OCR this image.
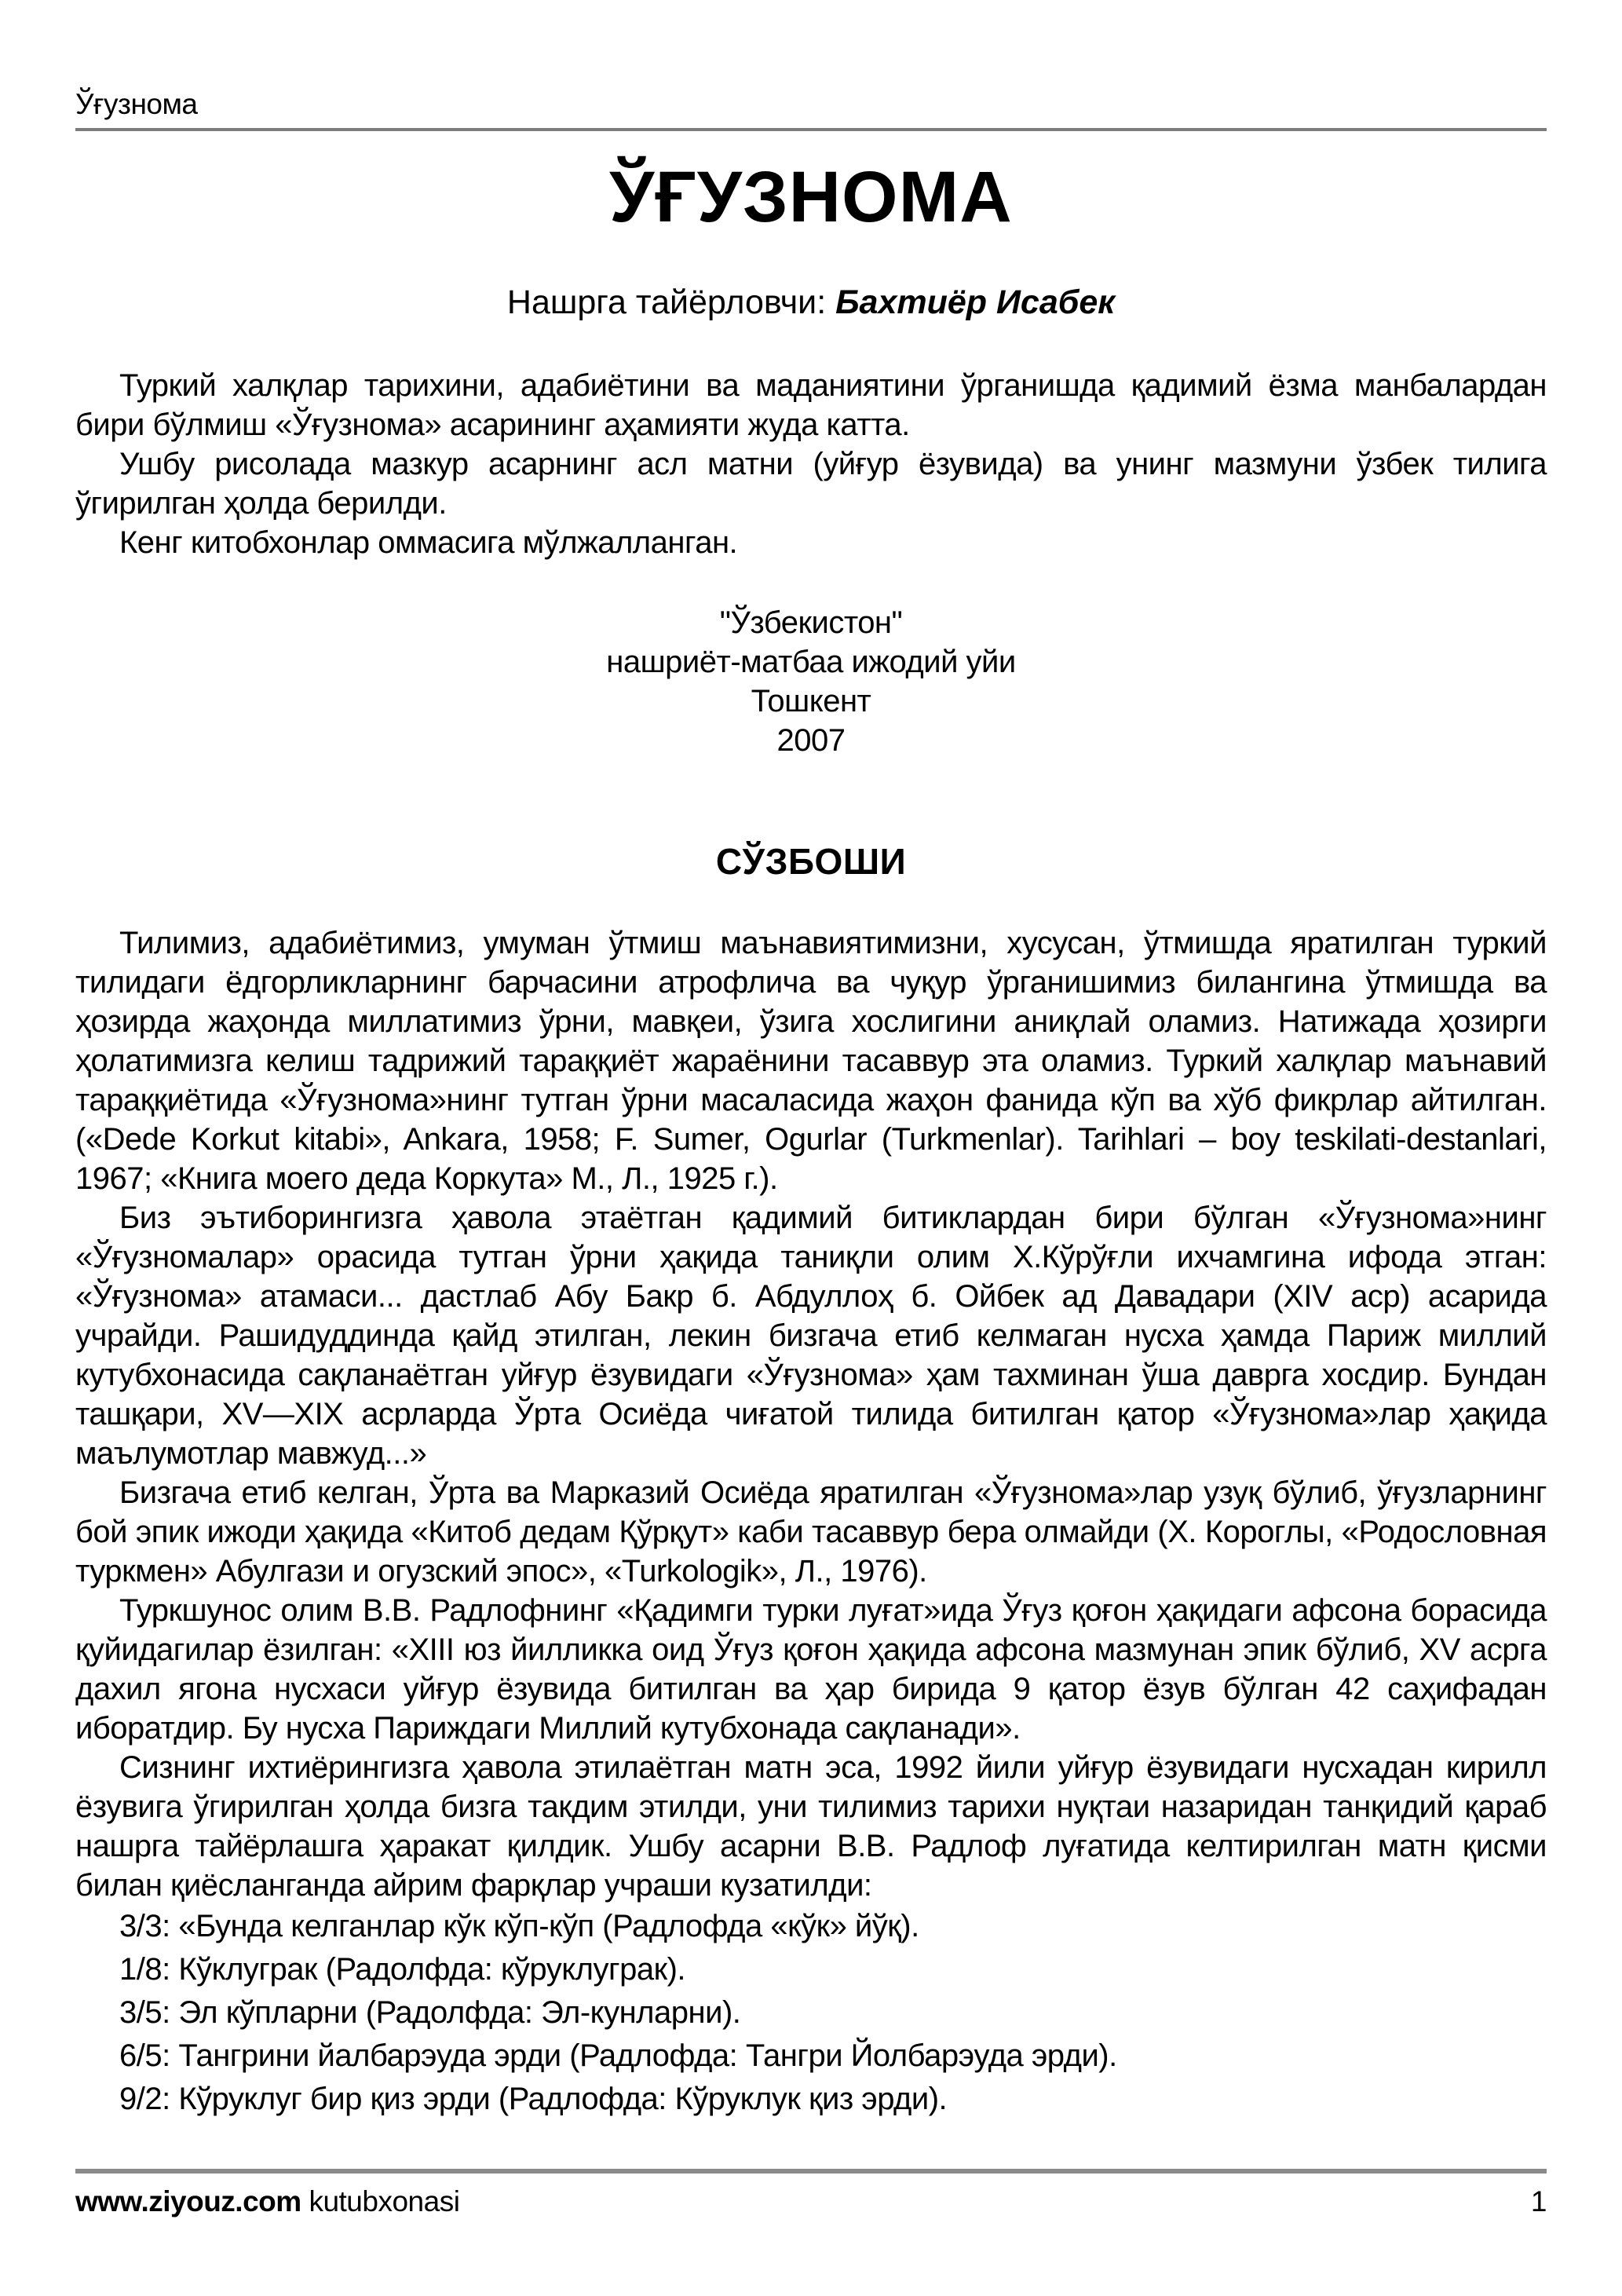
Ўғузнома
ЎҒУЗНОМА

Нашрга тайёрловчи: Бахтиёр Исабек

Туркий халқлар тарихини, адабиётини ва маданиятини ўрганишда қадимий ёзма манбалардан бири бўлмиш «Ўғузнома» асарининг аҳамияти жуда катта.

Ушбу рисолада мазкур асарнинг асл матни (уйғур ёзувида) ва унинг мазмуни ўзбек тилига ўгирилган ҳолда берилди.

Кенг китобхонлар оммасига мўлжалланган.

"Ўзбекистон"
нашриёт-матбаа ижодий уйи
Тошкент
2007
СЎЗБОШИ

Тилимиз, адабиётимиз, умуман ўтмиш маънавиятимизни, хусусан, ўтмишда яратилган туркий тилидаги ёдгорликларнинг барчасини атрофлича ва чуқур ўрганишимиз билангина ўтмишда ва ҳозирда жаҳонда миллатимиз ўрни, мавқеи, ўзига хослигини аниқлай оламиз. Натижада ҳозирги ҳолатимизга келиш тадрижий тараққиёт жараёнини тасаввур эта оламиз. Туркий халқлар маънавий тараққиётида «Ўғузнома»нинг тутган ўрни масаласида жаҳон фанида кўп ва хўб фикрлар айтилган. («Dede Korkut kitabi», Ankara, 1958; F. Sumer, Ogurlar (Turkmenlar). Tarihlari – boy teskilati-destanlari, 1967; «Книга моего деда Коркута» М., Л., 1925 г.).

Биз эътиборингизга ҳавола этаётган қадимий битиклардан бири бўлган «Ўғузнома»нинг «Ўғузномалар» орасида тутган ўрни ҳақида таниқли олим Х.Кўрўғли ихчамгина ифода этган: «Ўғузнома» атамаси... дастлаб Абу Бакр б. Абдуллоҳ б. Ойбек ад Давадари (XIV аср) асарида учрайди. Рашидуддинда қайд этилган, лекин бизгача етиб келмаган нусха ҳамда Париж миллий кутубхонасида сақланаётган уйғур ёзувидаги «Ўғузнома» ҳам тахминан ўша даврга хосдир. Бундан ташқари, XV—XIX асрларда Ўрта Осиёда чиғатой тилида битилган қатор «Ўғузнома»лар ҳақида маълумотлар мавжуд...»

Бизгача етиб келган, Ўрта ва Марказий Осиёда яратилган «Ўғузнома»лар узуқ бўлиб, ўғузларнинг бой эпик ижоди ҳақида «Китоб дедам Қўрқут» каби тасаввур бера олмайди (Х. Короглы, «Родословная туркмен» Абулгази и огузский эпос», «Turkologik», Л., 1976).

Туркшунос олим В.В. Радлофнинг «Қадимги турки луғат»ида Ўғуз қоғон ҳақидаги афсона борасида қуйидагилар ёзилган: «XIII юз йилликка оид Ўғуз қоғон ҳақида афсона мазмунан эпик бўлиб, XV асрга дахил ягона нусхаси уйғур ёзувида битилган ва ҳар бирида 9 қатор ёзув бўлган 42 саҳифадан иборатдир. Бу нусха Париждаги Миллий кутубхонада сақланади».

Сизнинг ихтиёрингизга ҳавола этилаётган матн эса, 1992 йили уйғур ёзувидаги нусхадан кирилл ёзувига ўгирилган ҳолда бизга такдим этилди, уни тилимиз тарихи нуқтаи назаридан танқидий қараб нашрга тайёрлашга ҳаракат қилдик. Ушбу асарни В.В. Радлоф луғатида келтирилган матн қисми билан қиёсланганда айрим фарқлар учраши кузатилди:

3/3: «Бунда келганлар кўк кўп-кўп (Радлофда «кўк» йўқ).
1/8: Кўклуграк (Радолфда: кўруклуграк).
3/5: Эл кўпларни (Радолфда: Эл-кунларни).
6/5: Тангрини йалбарэуда эрди (Радлофда: Тангри Йолбарэуда эрди).
9/2: Кўруклуг бир қиз эрди (Радлофда: Кўруклук қиз эрди).
www.ziyouz.com kutubxonasi	1
